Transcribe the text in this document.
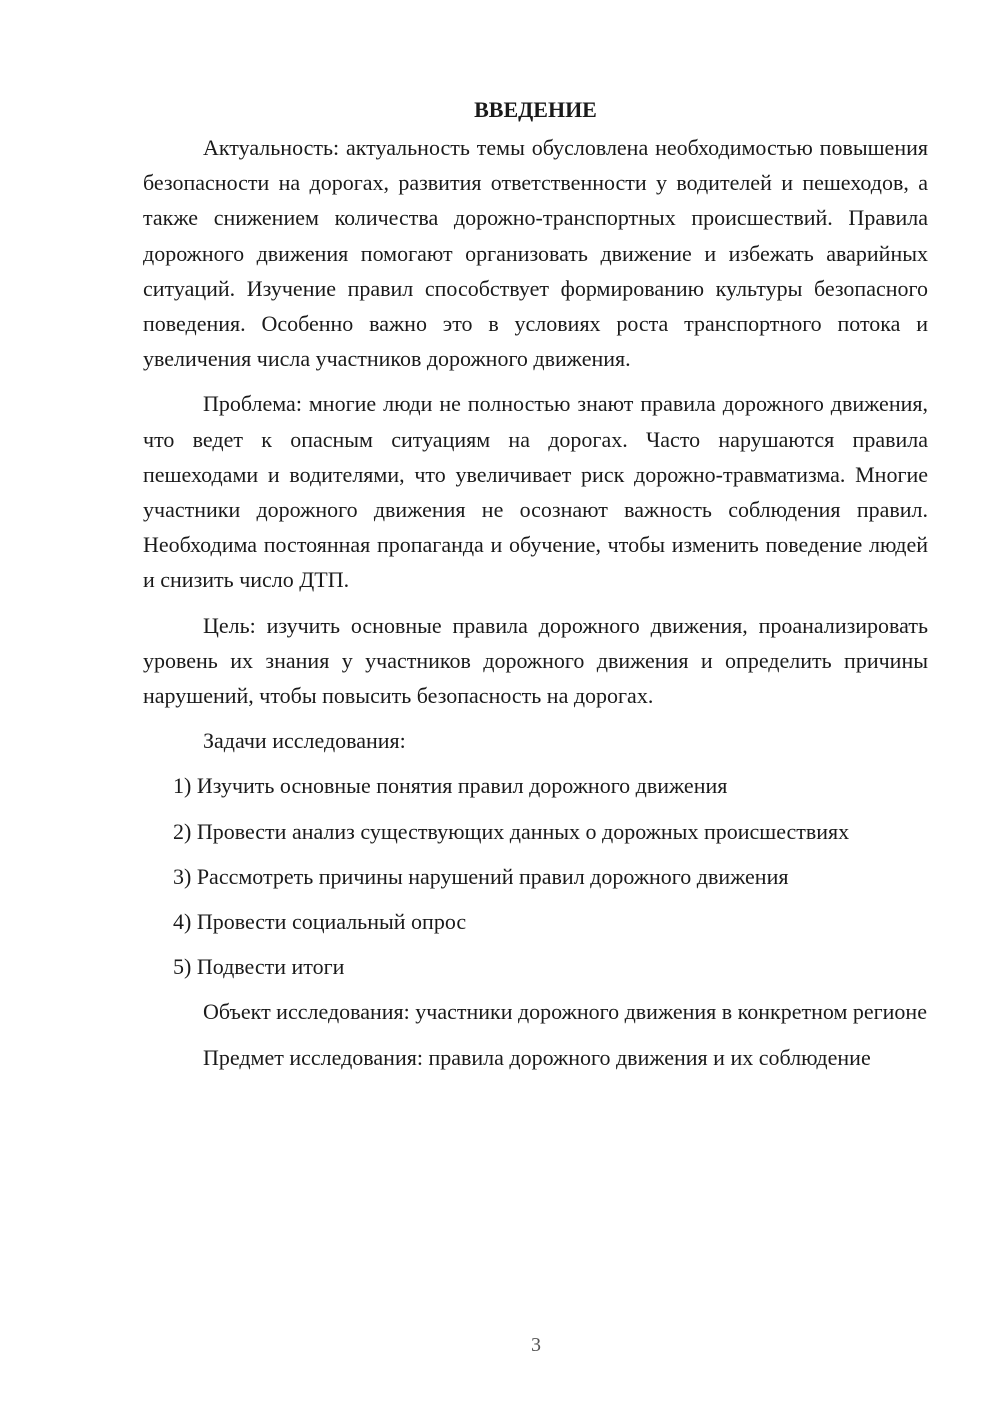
ВВЕДЕНИЕ

Актуальность: актуальность темы обусловлена необходимостью повышения безопасности на дорогах, развития ответственности у водителей и пешеходов, а также снижением количества дорожно-транспортных происшествий. Правила дорожного движения помогают организовать движение и избежать аварийных ситуаций. Изучение правил способствует формированию культуры безопасного поведения. Особенно важно это в условиях роста транспортного потока и увеличения числа участников дорожного движения.

Проблема: многие люди не полностью знают правила дорожного движения, что ведет к опасным ситуациям на дорогах. Часто нарушаются правила пешеходами и водителями, что увеличивает риск дорожно-травматизма. Многие участники дорожного движения не осознают важность соблюдения правил. Необходима постоянная пропаганда и обучение, чтобы изменить поведение людей и снизить число ДТП.

Цель: изучить основные правила дорожного движения, проанализировать уровень их знания у участников дорожного движения и определить причины нарушений, чтобы повысить безопасность на дорогах.

Задачи исследования:

1) Изучить основные понятия правил дорожного движения

2) Провести анализ существующих данных о дорожных происшествиях

3) Рассмотреть причины нарушений правил дорожного движения

4) Провести социальный опрос

5) Подвести итоги

Объект исследования: участники дорожного движения в конкретном регионе

Предмет исследования: правила дорожного движения и их соблюдение

3
